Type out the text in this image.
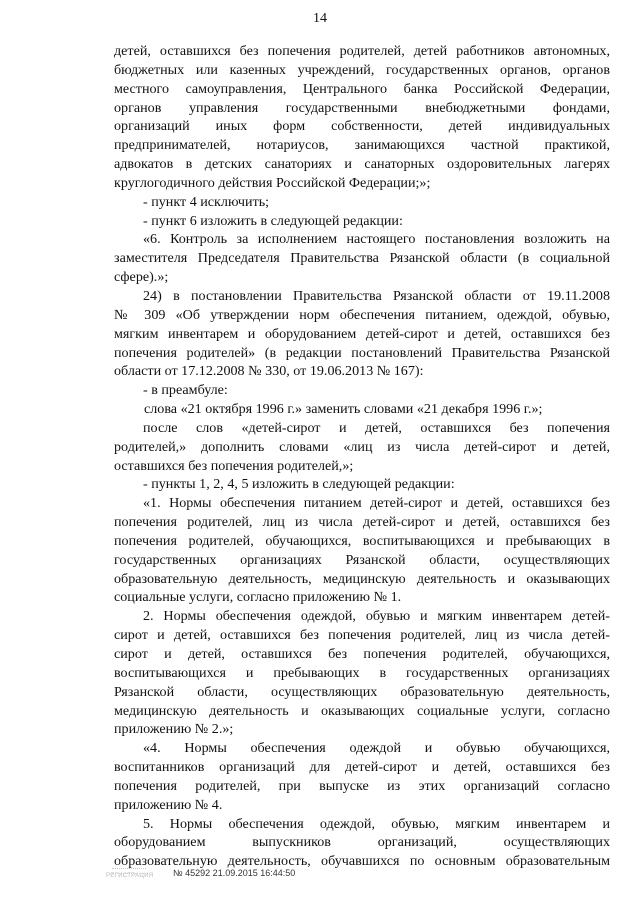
14

детей, оставшихся без попечения родителей, детей работников автономных,

бюджетных или казенных учреждений, государственных органов, органов

местного самоуправления, Центрального банка Российской Федерации,

органов управления государственными внебюджетными фондами,

организаций иных форм собственности, детей индивидуальных

предпринимателей, нотариусов, занимающихся частной практикой,

адвокатов в детских санаториях и санаторных оздоровительных лагерях

круглогодичного действия Российской Федерации;»;

- пункт 4 исключить;

- пункт 6 изложить в следующей редакции:

«6. Контроль за исполнением настоящего постановления возложить на

заместителя Председателя Правительства Рязанской области (в социальной

сфере).»;

24) в постановлении Правительства Рязанской области от 19.11.2008

№ 309 «Об утверждении норм обеспечения питанием, одеждой, обувью,

мягким инвентарем и оборудованием детей-сирот и детей, оставшихся без

попечения родителей» (в редакции постановлений Правительства Рязанской

области от 17.12.2008 № 330, от 19.06.2013 № 167):

- в преамбуле:

слова «21 октября 1996 г.» заменить словами «21 декабря 1996 г.»;

после слов «детей-сирот и детей, оставшихся без попечения

родителей,» дополнить словами «лиц из числа детей-сирот и детей,

оставшихся без попечения родителей,»;

- пункты 1, 2, 4, 5 изложить в следующей редакции:

«1. Нормы обеспечения питанием детей-сирот и детей, оставшихся без

попечения родителей, лиц из числа детей-сирот и детей, оставшихся без

попечения родителей, обучающихся, воспитывающихся и пребывающих в

государственных организациях Рязанской области, осуществляющих

образовательную деятельность, медицинскую деятельность и оказывающих

социальные услуги, согласно приложению № 1.

2. Нормы обеспечения одеждой, обувью и мягким инвентарем детей-

сирот и детей, оставшихся без попечения родителей, лиц из числа детей-

сирот и детей, оставшихся без попечения родителей, обучающихся,

воспитывающихся и пребывающих в государственных организациях

Рязанской области, осуществляющих образовательную деятельность,

медицинскую деятельность и оказывающих социальные услуги, согласно

приложению № 2.»;

«4. Нормы обеспечения одеждой и обувью обучающихся,

воспитанников организаций для детей-сирот и детей, оставшихся без

попечения родителей, при выпуске из этих организаций согласно

приложению № 4.

5. Нормы обеспечения одеждой, обувью, мягким инвентарем и

оборудованием выпускников организаций, осуществляющих

образовательную деятельность, обучавшихся по основным образовательным

РЕГИСТРАЦИЯ № 45292 21.09.2015 16:44:50
